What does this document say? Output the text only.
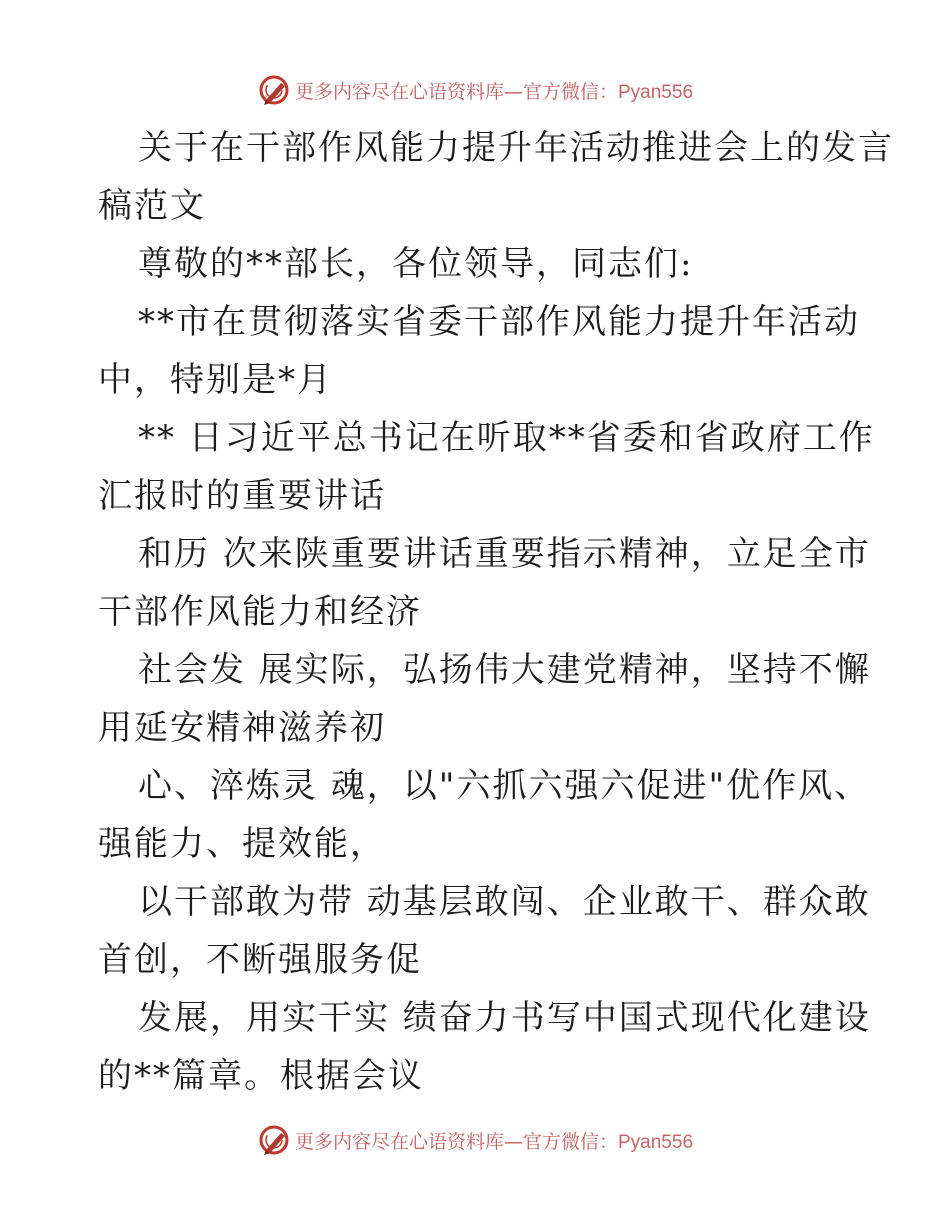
更多内容尽在心语资料库—官方微信：Pyan556
关于在干部作风能力提升年活动推进会上的发言
稿范文
尊敬的**部长，各位领导，同志们:
**市在贯彻落实省委干部作风能力提升年活动
中，特别是*月
** 日习近平总书记在听取**省委和省政府工作
汇报时的重要讲话
和历 次来陕重要讲话重要指示精神，立足全市
干部作风能力和经济
社会发 展实际，弘扬伟大建党精神，坚持不懈
用延安精神滋养初
心、淬炼灵 魂，以"六抓六强六促进"优作风、
强能力、提效能，
以干部敢为带 动基层敢闯、企业敢干、群众敢
首创，不断强服务促
发展，用实干实 绩奋力书写中国式现代化建设
的**篇章。根据会议
更多内容尽在心语资料库—官方微信：Pyan556
